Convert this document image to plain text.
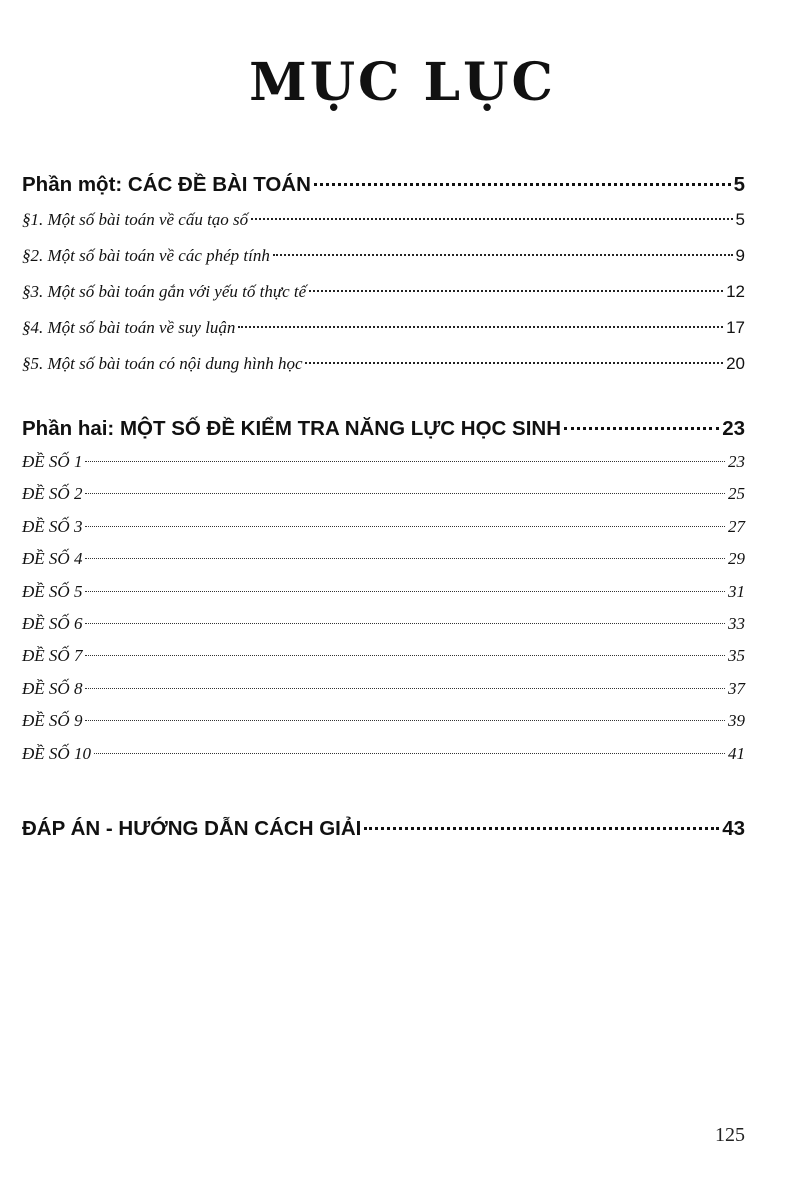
MỤC LỤC
Phần một: CÁC ĐỀ BÀI TOÁN	5
§1. Một số bài toán về cấu tạo số	5
§2. Một số bài toán về các phép tính	9
§3. Một số bài toán gắn với yếu tố thực tế	12
§4. Một số bài toán về suy luận	17
§5. Một số bài toán có nội dung hình học	20
Phần hai: MỘT SỐ ĐỀ KIỂM TRA NĂNG LỰC HỌC SINH	23
ĐỀ SỐ 1	23
ĐỀ SỐ 2	25
ĐỀ SỐ 3	27
ĐỀ SỐ 4	29
ĐỀ SỐ 5	31
ĐỀ SỐ 6	33
ĐỀ SỐ 7	35
ĐỀ SỐ 8	37
ĐỀ SỐ 9	39
ĐỀ SỐ 10	41
ĐÁP ÁN - HƯỚNG DẪN CÁCH GIẢI	43
125
